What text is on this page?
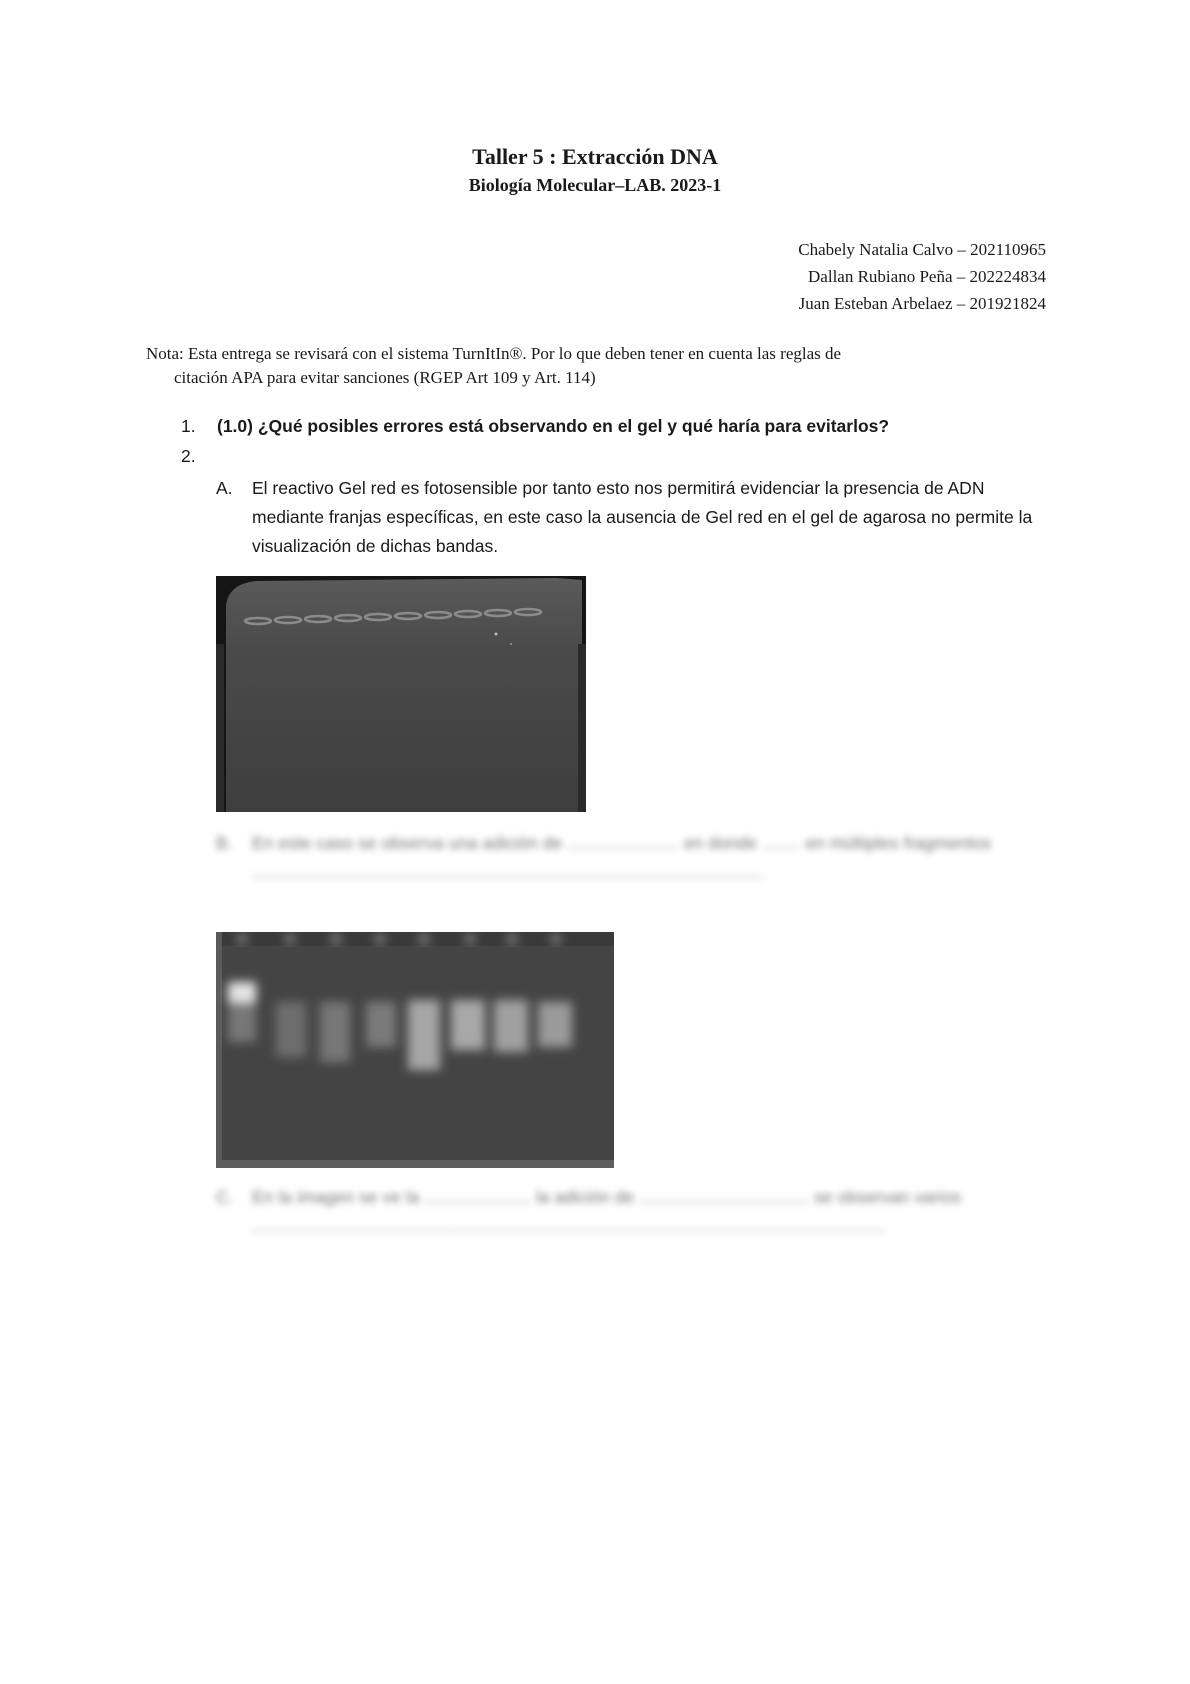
Taller 5 : Extracción DNA
Biología Molecular–LAB. 2023-1
Chabely Natalia Calvo – 202110965
Dallan Rubiano Peña – 202224834
Juan Esteban Arbelaez – 201921824
Nota: Esta entrega se revisará con el sistema TurnItIn®. Por lo que deben tener en cuenta las reglas de
citación APA para evitar sanciones (RGEP Art 109 y Art. 114)
1. (1.0) ¿Qué posibles errores está observando en el gel y qué haría para evitarlos?
2.
A. El reactivo Gel red es fotosensible por tanto esto nos permitirá evidenciar la presencia de ADN mediante franjas específicas, en este caso la ausencia de Gel red en el gel de agarosa no permite la visualización de dichas bandas.
B. En este caso se observa una adición de ....................... en donde ........ en múltiples fragmentos .........................................................................................................
C. En la imagen se ve la ...................... la adición de ................................... se observan varios ..................................................................................................................................
